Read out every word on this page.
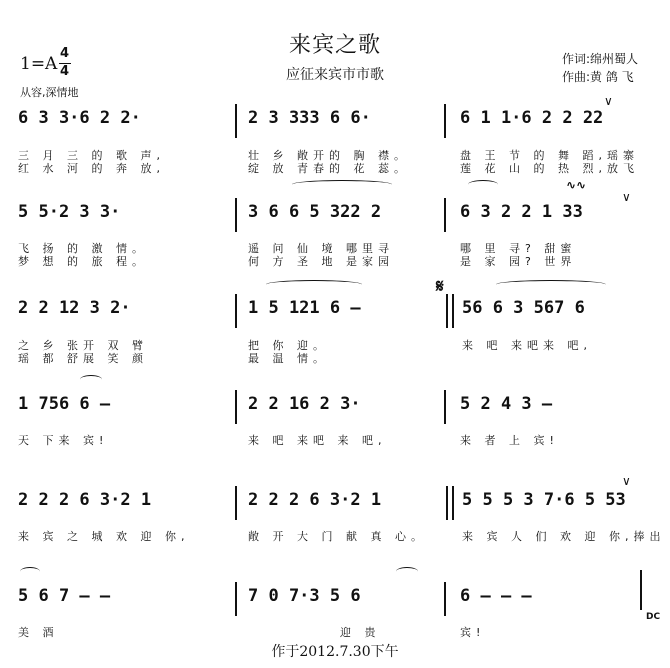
来宾之歌
应征来宾市市歌
作词:绵州蜀人
作曲:黄 鸽 飞
1=A
4
4
从容,深情地
6 3 3·6 2 2·
三 月 三 的 歌 声,
红 水 河 的 奔 放,
2 3 333 6 6·
壮 乡 敞开的 胸 襟。
绽 放 青春的 花 蕊。
6 1 1·6 2 2 22
盘 王 节 的 舞 蹈,瑶寨
莲 花 山 的 热 烈,放飞
∨
∿∿
∨
5 5·2 3 3·
飞 扬 的 激 情。
梦 想 的 旅 程。
3 6 6 5 322 2
遥 问 仙 境 哪里寻
何 方 圣 地 是家园
6 3 2 2 1 33
哪 里 寻? 甜蜜
是 家 园? 世界
𝄋
2 2 12 3 2·
之 乡 张开 双 臂
瑶 都 舒展 笑 颜
1 5 121 6 —
把 你 迎。
最 温 情。
56 6 3 567 6
来 吧 来吧来 吧,
1 756 6 —
天 下来 宾!
2 2 16 2 3·
来 吧 来吧 来 吧,
5 2 4 3 —
来 者 上 宾!
∨
2 2 2 6 3·2 1
来 宾 之 城 欢 迎 你,
2 2 2 6 3·2 1
敞 开 大 门 献 真 心。
5 5 5 3 7·6 5 53
来 宾 人 们 欢 迎 你,捧出
5 6 7 — —
美 酒
7 0 7·3 5 6
迎 贵
6 — — —
宾!
DC
作于2012.7.30下午
